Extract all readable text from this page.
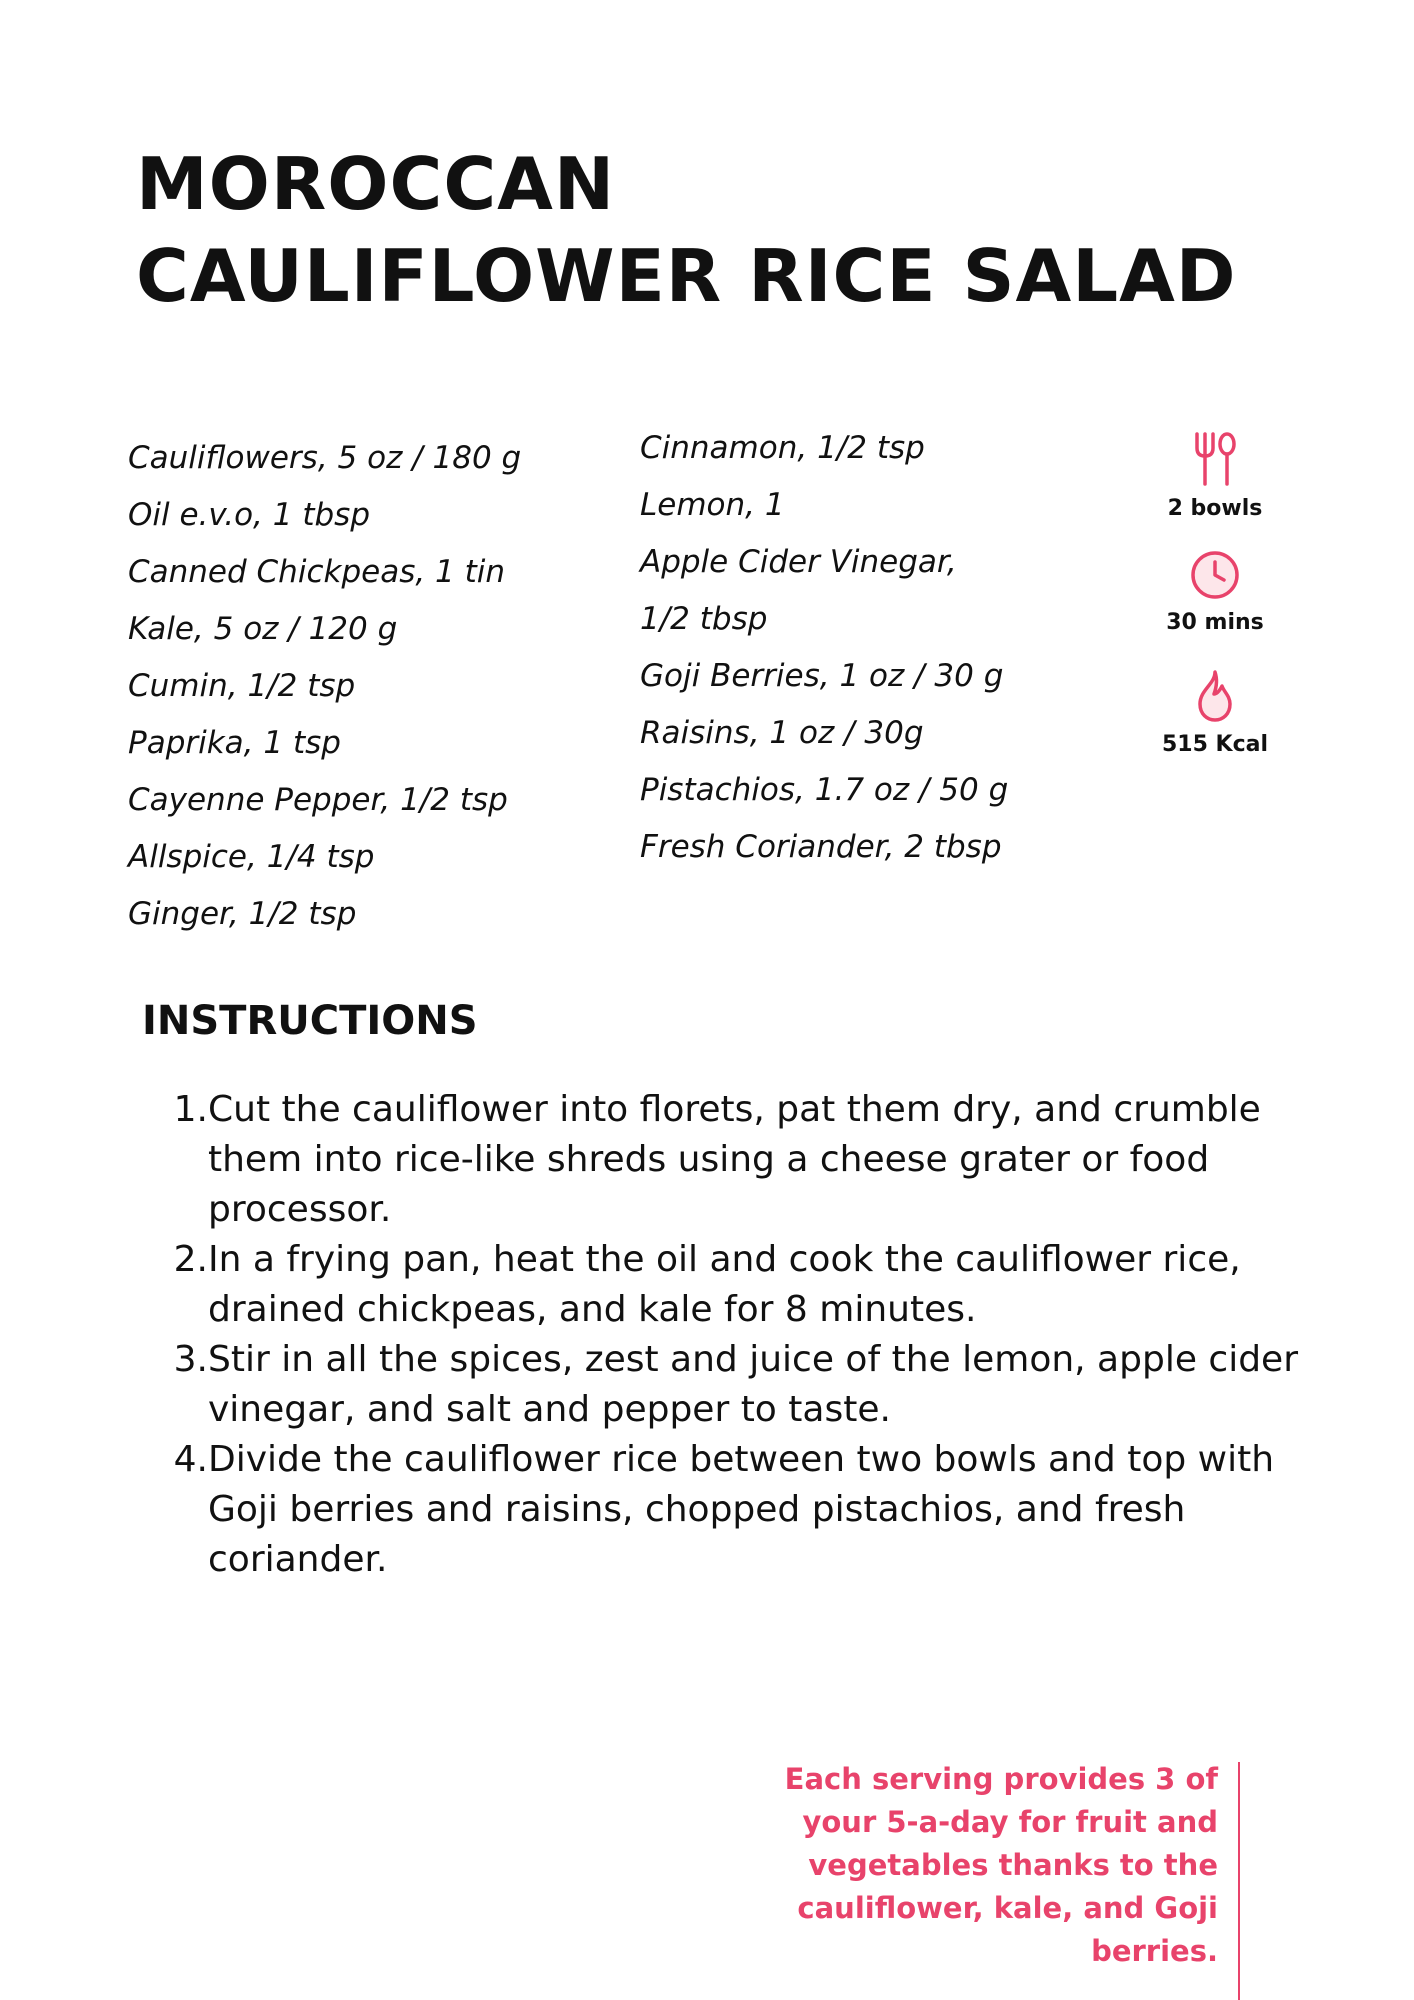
MOROCCAN
CAULIFLOWER RICE SALAD
Cauliflowers, 5 oz / 180 g
Oil e.v.o, 1 tbsp
Canned Chickpeas, 1 tin
Kale, 5 oz / 120 g
Cumin, 1/2 tsp
Paprika, 1 tsp
Cayenne Pepper, 1/2 tsp
Allspice, 1/4 tsp
Ginger, 1/2 tsp
Cinnamon, 1/2 tsp
Lemon, 1
Apple Cider Vinegar,
1/2 tbsp
Goji Berries, 1 oz / 30 g
Raisins, 1 oz / 30g
Pistachios, 1.7 oz / 50 g
Fresh Coriander, 2 tbsp
2 bowls
30 mins
515 Kcal
INSTRUCTIONS
1. Cut the cauliflower into florets, pat them dry, and crumble them into rice-like shreds using a cheese grater or food processor.
2. In a frying pan, heat the oil and cook the cauliflower rice, drained chickpeas, and kale for 8 minutes.
3. Stir in all the spices, zest and juice of the lemon, apple cider vinegar, and salt and pepper to taste.
4. Divide the cauliflower rice between two bowls and top with Goji berries and raisins, chopped pistachios, and fresh coriander.
Each serving provides 3 of your 5-a-day for fruit and vegetables thanks to the cauliflower, kale, and Goji berries.
